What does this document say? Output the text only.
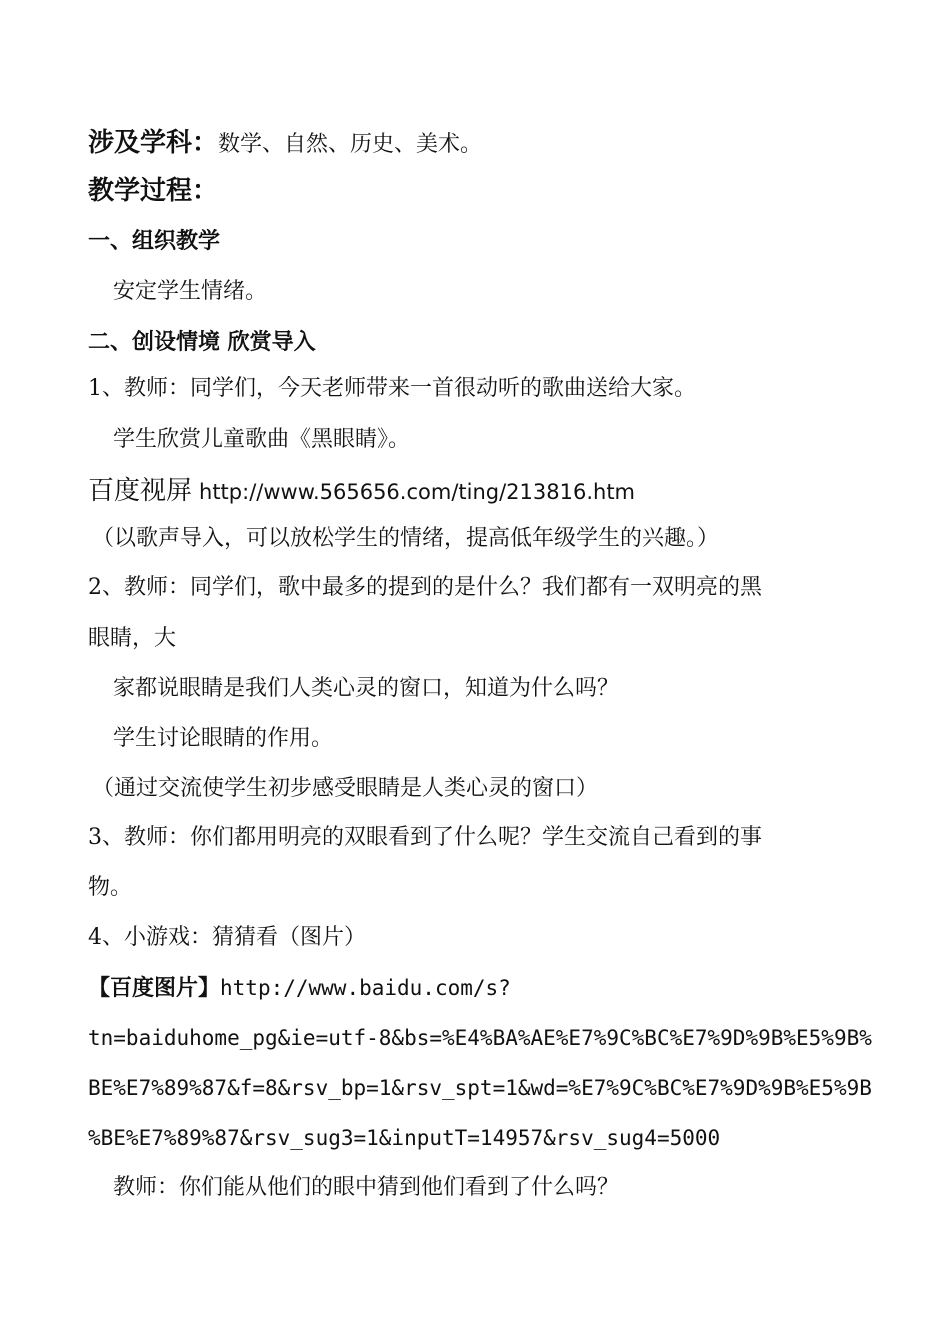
涉及学科：数学、自然、历史、美术。
教学过程：
一、组织教学
安定学生情绪。
二、创设情境 欣赏导入
1、教师：同学们，今天老师带来一首很动听的歌曲送给大家。
学生欣赏儿童歌曲《黑眼睛》。
百度视屏 http://www.565656.com/ting/213816.htm
（以歌声导入，可以放松学生的情绪，提高低年级学生的兴趣。）
2、教师：同学们，歌中最多的提到的是什么？我们都有一双明亮的黑
眼睛，大
家都说眼睛是我们人类心灵的窗口，知道为什么吗？
学生讨论眼睛的作用。
（通过交流使学生初步感受眼睛是人类心灵的窗口）
3、教师：你们都用明亮的双眼看到了什么呢？学生交流自己看到的事
物。
4、小游戏：猜猜看（图片）
【百度图片】http://www.baidu.com/s?
tn=baiduhome_pg&ie=utf-8&bs=%E4%BA%AE%E7%9C%BC%E7%9D%9B%E5%9B%
BE%E7%89%87&f=8&rsv_bp=1&rsv_spt=1&wd=%E7%9C%BC%E7%9D%9B%E5%9B
%BE%E7%89%87&rsv_sug3=1&inputT=14957&rsv_sug4=5000
教师：你们能从他们的眼中猜到他们看到了什么吗？
